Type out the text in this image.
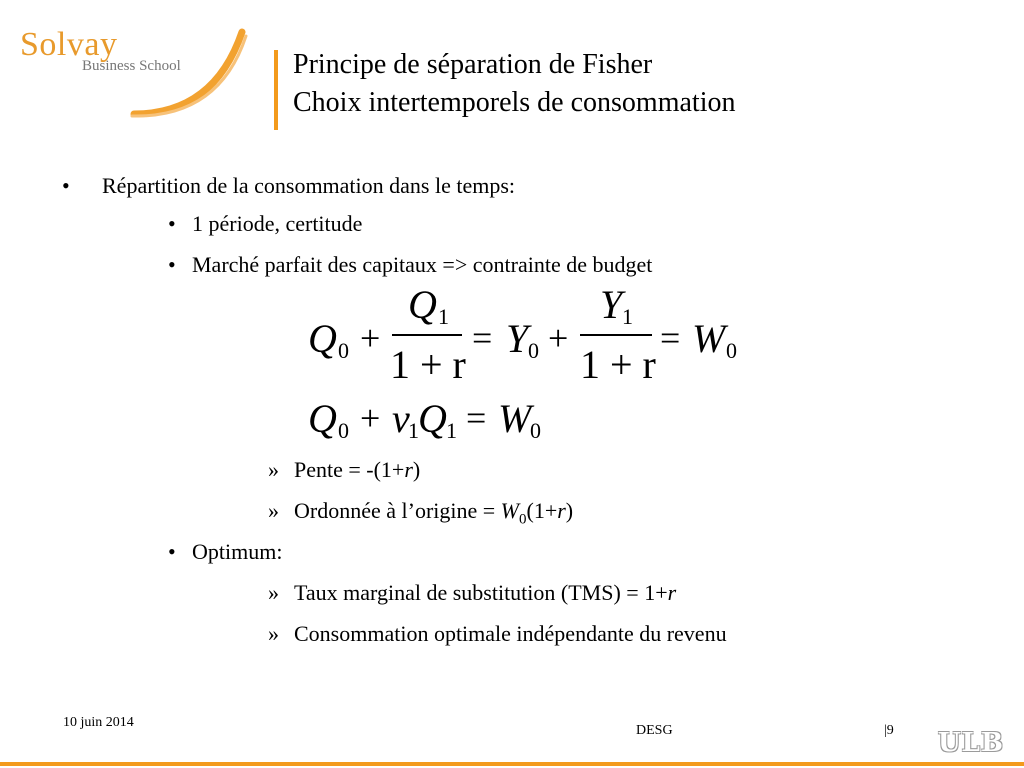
Solvay
Business School	Principe de séparation de Fisher
Choix intertemporels de consommation
•	Répartition de la consommation dans le temps:
• 1 période, certitude
• Marché parfait des capitaux => contrainte de budget
Q 0 +
Q 1
1 + r
= Y 0 +
Y 1
1 + r
= W 0
Q 0 + v
1 Q 1 = W
0
» Pente = -(1+r)
» Ordonnée à l’origine = $W_0(1+r)$
• Optimum:
» Taux marginal de substitution (TMS) = 1+r
» Consommation optimale indépendante du revenu
10 juin 2014
DESG	|9 ULB
